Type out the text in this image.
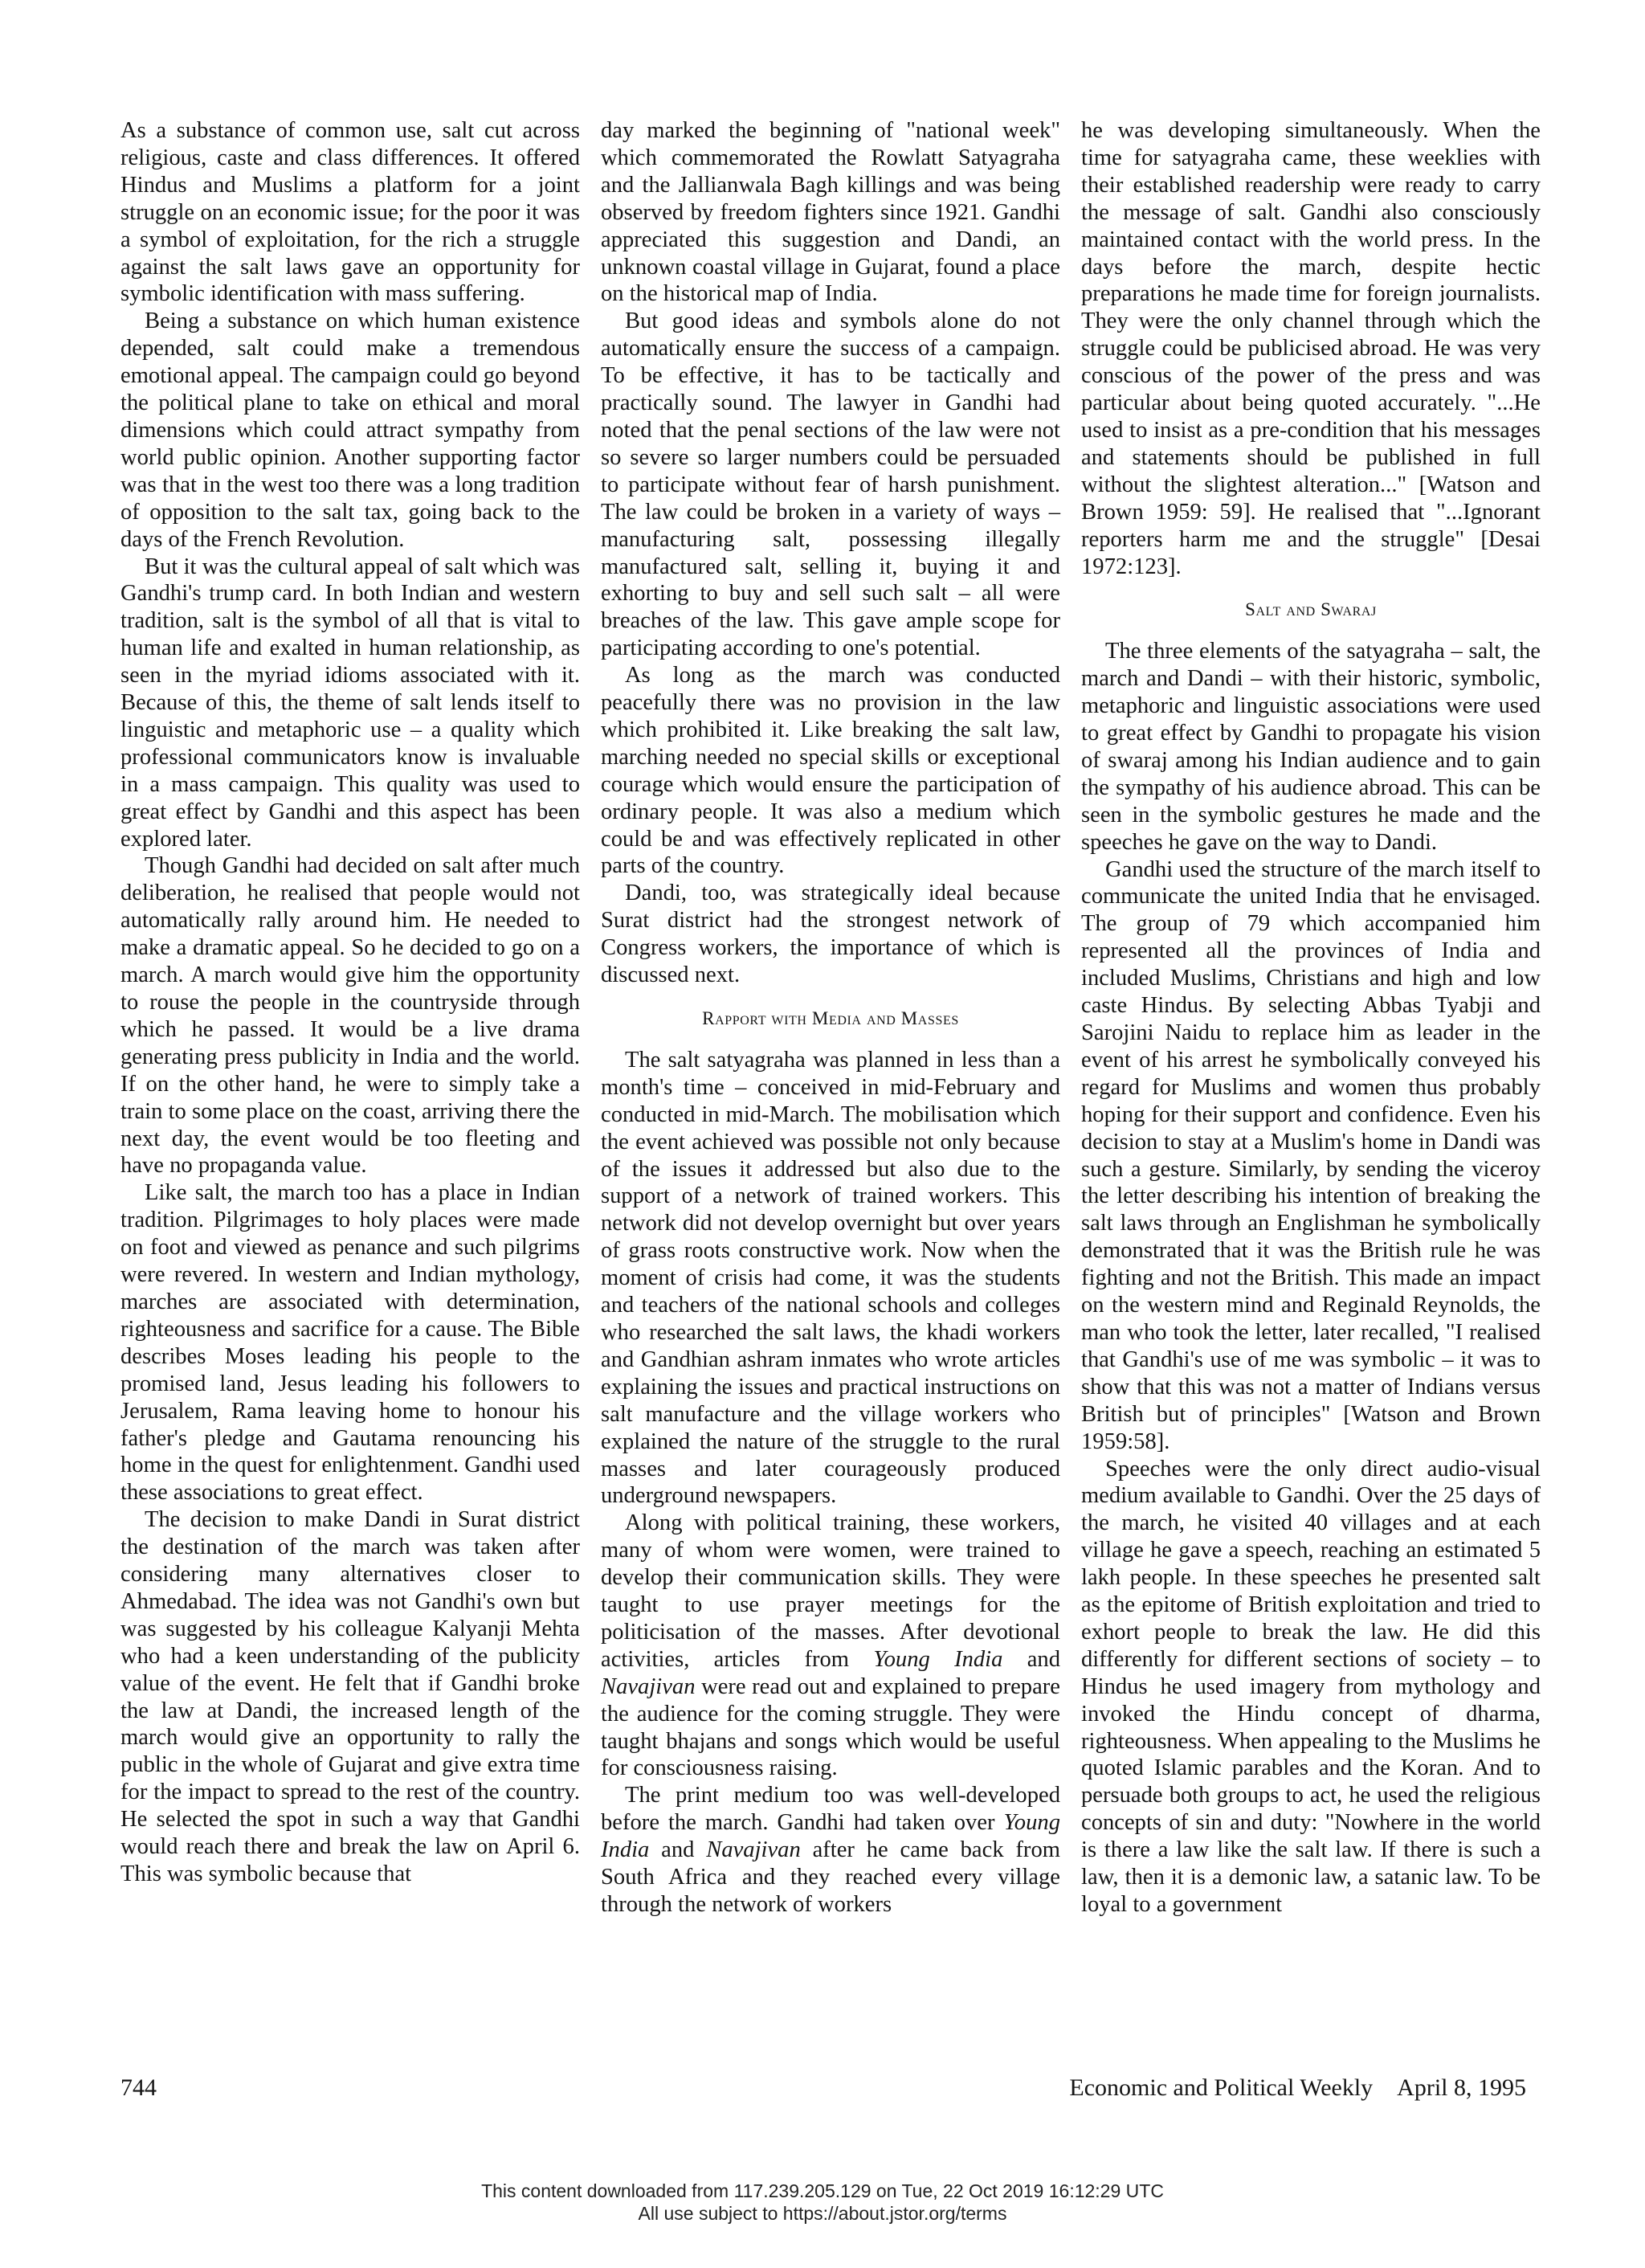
As a substance of common use, salt cut across religious, caste and class differences. It offered Hindus and Muslims a platform for a joint struggle on an economic issue; for the poor it was a symbol of exploitation, for the rich a struggle against the salt laws gave an opportunity for symbolic identification with mass suffering.

Being a substance on which human existence depended, salt could make a tremendous emotional appeal. The campaign could go beyond the political plane to take on ethical and moral dimensions which could attract sympathy from world public opinion. Another supporting factor was that in the west too there was a long tradition of opposition to the salt tax, going back to the days of the French Revolution.

But it was the cultural appeal of salt which was Gandhi's trump card. In both Indian and western tradition, salt is the symbol of all that is vital to human life and exalted in human relationship, as seen in the myriad idioms associated with it. Because of this, the theme of salt lends itself to linguistic and metaphoric use – a quality which professional communicators know is invaluable in a mass campaign. This quality was used to great effect by Gandhi and this aspect has been explored later.

Though Gandhi had decided on salt after much deliberation, he realised that people would not automatically rally around him. He needed to make a dramatic appeal. So he decided to go on a march. A march would give him the opportunity to rouse the people in the countryside through which he passed. It would be a live drama generating press publicity in India and the world. If on the other hand, he were to simply take a train to some place on the coast, arriving there the next day, the event would be too fleeting and have no propaganda value.

Like salt, the march too has a place in Indian tradition. Pilgrimages to holy places were made on foot and viewed as penance and such pilgrims were revered. In western and Indian mythology, marches are associated with determination, righteousness and sacrifice for a cause. The Bible describes Moses leading his people to the promised land, Jesus leading his followers to Jerusalem, Rama leaving home to honour his father's pledge and Gautama renouncing his home in the quest for enlightenment. Gandhi used these associations to great effect.

The decision to make Dandi in Surat district the destination of the march was taken after considering many alternatives closer to Ahmedabad. The idea was not Gandhi's own but was suggested by his colleague Kalyanji Mehta who had a keen understanding of the publicity value of the event. He felt that if Gandhi broke the law at Dandi, the increased length of the march would give an opportunity to rally the public in the whole of Gujarat and give extra time for the impact to spread to the rest of the country. He selected the spot in such a way that Gandhi would reach there and break the law on April 6. This was symbolic because that

day marked the beginning of "national week" which commemorated the Rowlatt Satyagraha and the Jallianwala Bagh killings and was being observed by freedom fighters since 1921. Gandhi appreciated this suggestion and Dandi, an unknown coastal village in Gujarat, found a place on the historical map of India.

But good ideas and symbols alone do not automatically ensure the success of a campaign. To be effective, it has to be tactically and practically sound. The lawyer in Gandhi had noted that the penal sections of the law were not so severe so larger numbers could be persuaded to participate without fear of harsh punishment. The law could be broken in a variety of ways – manufacturing salt, possessing illegally manufactured salt, selling it, buying it and exhorting to buy and sell such salt – all were breaches of the law. This gave ample scope for participating according to one's potential.

As long as the march was conducted peacefully there was no provision in the law which prohibited it. Like breaking the salt law, marching needed no special skills or exceptional courage which would ensure the participation of ordinary people. It was also a medium which could be and was effectively replicated in other parts of the country.

Dandi, too, was strategically ideal because Surat district had the strongest network of Congress workers, the importance of which is discussed next.

Rapport with Media and Masses

The salt satyagraha was planned in less than a month's time – conceived in mid-February and conducted in mid-March. The mobilisation which the event achieved was possible not only because of the issues it addressed but also due to the support of a network of trained workers. This network did not develop overnight but over years of grass roots constructive work. Now when the moment of crisis had come, it was the students and teachers of the national schools and colleges who researched the salt laws, the khadi workers and Gandhian ashram inmates who wrote articles explaining the issues and practical instructions on salt manufacture and the village workers who explained the nature of the struggle to the rural masses and later courageously produced underground newspapers.

Along with political training, these workers, many of whom were women, were trained to develop their communication skills. They were taught to use prayer meetings for the politicisation of the masses. After devotional activities, articles from Young India and Navajivan were read out and explained to prepare the audience for the coming struggle. They were taught bhajans and songs which would be useful for consciousness raising.

The print medium too was well-developed before the march. Gandhi had taken over Young India and Navajivan after he came back from South Africa and they reached every village through the network of workers

he was developing simultaneously. When the time for satyagraha came, these weeklies with their established readership were ready to carry the message of salt. Gandhi also consciously maintained contact with the world press. In the days before the march, despite hectic preparations he made time for foreign journalists. They were the only channel through which the struggle could be publicised abroad. He was very conscious of the power of the press and was particular about being quoted accurately. "...He used to insist as a pre-condition that his messages and statements should be published in full without the slightest alteration..." [Watson and Brown 1959: 59]. He realised that "...Ignorant reporters harm me and the struggle" [Desai 1972:123].

Salt and Swaraj

The three elements of the satyagraha – salt, the march and Dandi – with their historic, symbolic, metaphoric and linguistic associations were used to great effect by Gandhi to propagate his vision of swaraj among his Indian audience and to gain the sympathy of his audience abroad. This can be seen in the symbolic gestures he made and the speeches he gave on the way to Dandi.

Gandhi used the structure of the march itself to communicate the united India that he envisaged. The group of 79 which accompanied him represented all the provinces of India and included Muslims, Christians and high and low caste Hindus. By selecting Abbas Tyabji and Sarojini Naidu to replace him as leader in the event of his arrest he symbolically conveyed his regard for Muslims and women thus probably hoping for their support and confidence. Even his decision to stay at a Muslim's home in Dandi was such a gesture. Similarly, by sending the viceroy the letter describing his intention of breaking the salt laws through an Englishman he symbolically demonstrated that it was the British rule he was fighting and not the British. This made an impact on the western mind and Reginald Reynolds, the man who took the letter, later recalled, "I realised that Gandhi's use of me was symbolic – it was to show that this was not a matter of Indians versus British but of principles" [Watson and Brown 1959:58].

Speeches were the only direct audio-visual medium available to Gandhi. Over the 25 days of the march, he visited 40 villages and at each village he gave a speech, reaching an estimated 5 lakh people. In these speeches he presented salt as the epitome of British exploitation and tried to exhort people to break the law. He did this differently for different sections of society – to Hindus he used imagery from mythology and invoked the Hindu concept of dharma, righteousness. When appealing to the Muslims he quoted Islamic parables and the Koran. And to persuade both groups to act, he used the religious concepts of sin and duty: "Nowhere in the world is there a law like the salt law. If there is such a law, then it is a demonic law, a satanic law. To be loyal to a government

744	Economic and Political Weekly April 8, 1995
This content downloaded from 117.239.205.129 on Tue, 22 Oct 2019 16:12:29 UTC
All use subject to https://about.jstor.org/terms
